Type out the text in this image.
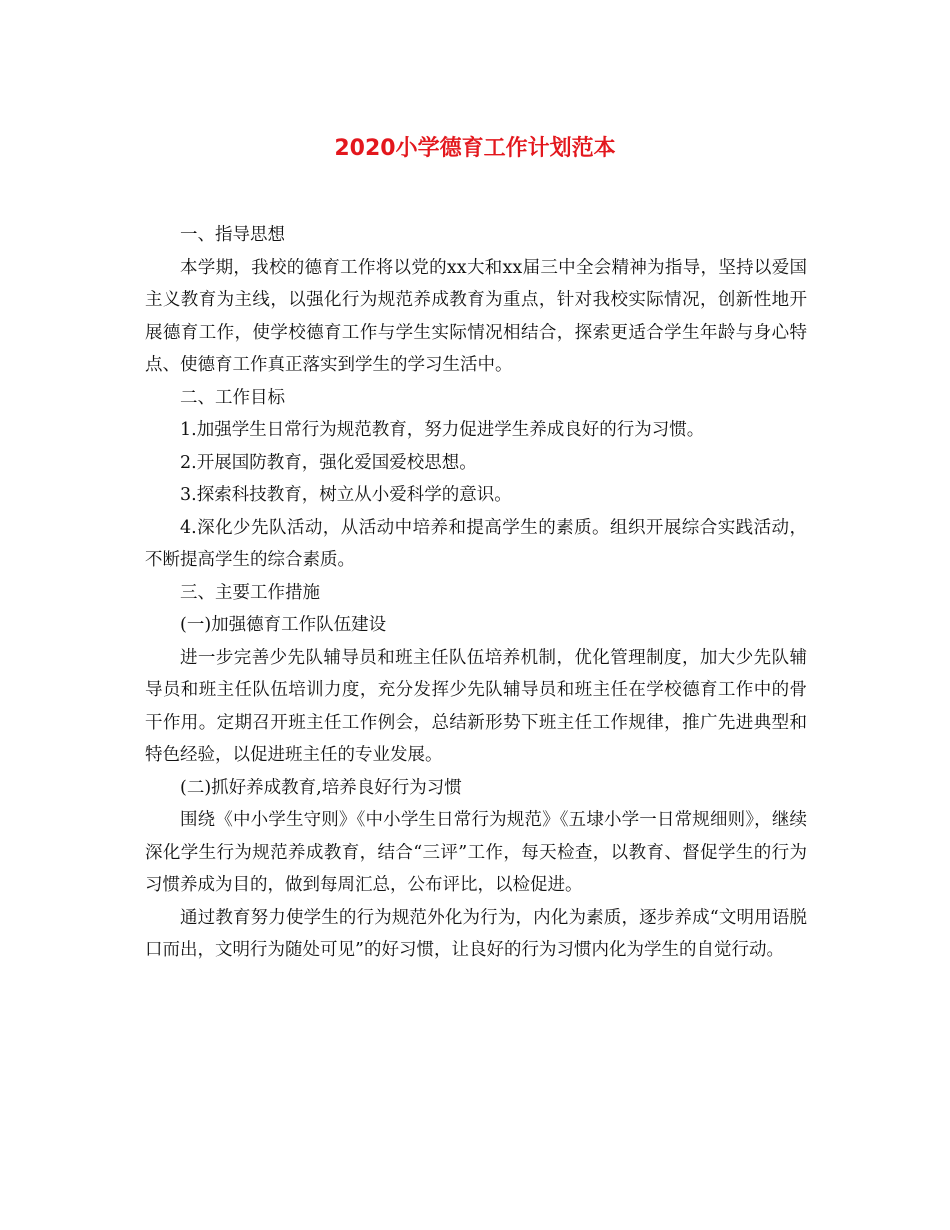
2020小学德育工作计划范本

一、指导思想

本学期，我校的德育工作将以党的xx大和xx届三中全会精神为指导，坚持以爱国主义教育为主线，以强化行为规范养成教育为重点，针对我校实际情况，创新性地开展德育工作，使学校德育工作与学生实际情况相结合，探索更适合学生年龄与身心特点、使德育工作真正落实到学生的学习生活中。

二、工作目标

1.加强学生日常行为规范教育，努力促进学生养成良好的行为习惯。

2.开展国防教育，强化爱国爱校思想。

3.探索科技教育，树立从小爱科学的意识。

4.深化少先队活动，从活动中培养和提高学生的素质。组织开展综合实践活动，不断提高学生的综合素质。

三、主要工作措施

(一)加强德育工作队伍建设

进一步完善少先队辅导员和班主任队伍培养机制，优化管理制度，加大少先队辅导员和班主任队伍培训力度，充分发挥少先队辅导员和班主任在学校德育工作中的骨干作用。定期召开班主任工作例会，总结新形势下班主任工作规律，推广先进典型和特色经验，以促进班主任的专业发展。

(二)抓好养成教育,培养良好行为习惯

围绕《中小学生守则》《中小学生日常行为规范》《五埭小学一日常规细则》，继续深化学生行为规范养成教育，结合“三评”工作，每天检查，以教育、督促学生的行为习惯养成为目的，做到每周汇总，公布评比，以检促进。

通过教育努力使学生的行为规范外化为行为，内化为素质，逐步养成“文明用语脱口而出，文明行为随处可见”的好习惯，让良好的行为习惯内化为学生的自觉行动。
